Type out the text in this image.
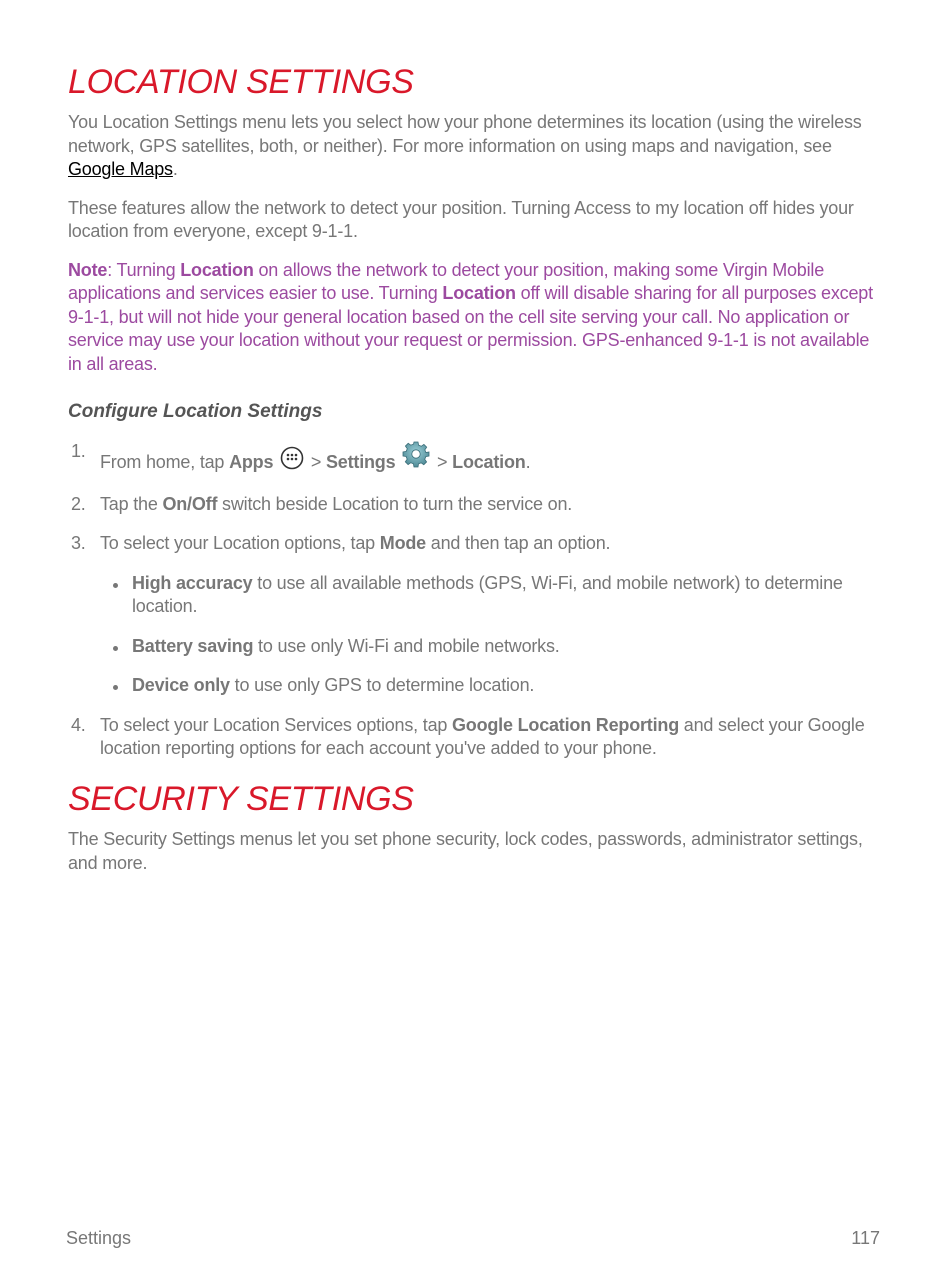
LOCATION SETTINGS

You Location Settings menu lets you select how your phone determines its location (using the wireless network, GPS satellites, both, or neither). For more information on using maps and navigation, see Google Maps.

These features allow the network to detect your position. Turning Access to my location off hides your location from everyone, except 9-1-1.

Note: Turning Location on allows the network to detect your position, making some Virgin Mobile applications and services easier to use. Turning Location off will disable sharing for all purposes except 9-1-1, but will not hide your general location based on the cell site serving your call. No application or service may use your location without your request or permission. GPS-enhanced 9-1-1 is not available in all areas.

Configure Location Settings
1.
From home, tap Apps  > Settings  > Location.
2. Tap the On/Off switch beside Location to turn the service on.
3. To select your Location options, tap Mode and then tap an option.
High accuracy to use all available methods (GPS, Wi-Fi, and mobile network) to determine location.
Battery saving to use only Wi-Fi and mobile networks.
Device only to use only GPS to determine location.
4. To select your Location Services options, tap Google Location Reporting and select your Google location reporting options for each account you've added to your phone.
SECURITY SETTINGS

The Security Settings menus let you set phone security, lock codes, passwords, administrator settings, and more.

Settings	117
